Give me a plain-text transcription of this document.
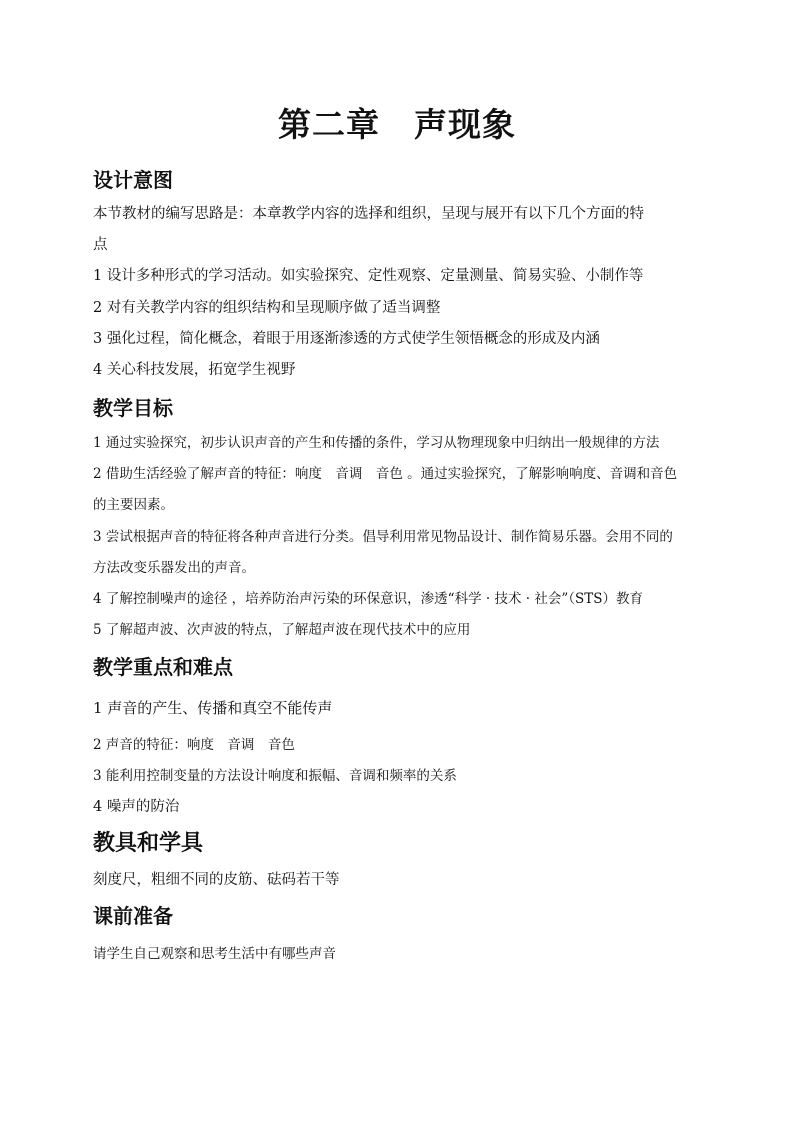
第二章　声现象
设计意图
本节教材的编写思路是：本章教学内容的选择和组织，呈现与展开有以下几个方面的特
点
1 设计多种形式的学习活动。如实验探究、定性观察、定量测量、简易实验、小制作等
2 对有关教学内容的组织结构和呈现顺序做了适当调整
3 强化过程，简化概念，着眼于用逐渐渗透的方式使学生领悟概念的形成及内涵
4 关心科技发展，拓宽学生视野
教学目标
1 通过实验探究，初步认识声音的产生和传播的条件，学习从物理现象中归纳出一般规律的方法
2 借助生活经验了解声音的特征：响度　音调　音色 。通过实验探究，了解影响响度、音调和音色
的主要因素。
3 尝试根据声音的特征将各种声音进行分类。倡导利用常见物品设计、制作简易乐器。会用不同的
方法改变乐器发出的声音。
4 了解控制噪声的途径 ，培养防治声污染的环保意识，渗透“科学 · 技术 · 社会”（STS）教育
5 了解超声波、次声波的特点，了解超声波在现代技术中的应用
教学重点和难点
1 声音的产生、传播和真空不能传声
2 声音的特征：响度　音调　音色
3 能利用控制变量的方法设计响度和振幅、音调和频率的关系
4 噪声的防治
教具和学具
刻度尺，粗细不同的皮筋、砝码若干等
课前准备
请学生自己观察和思考生活中有哪些声音
